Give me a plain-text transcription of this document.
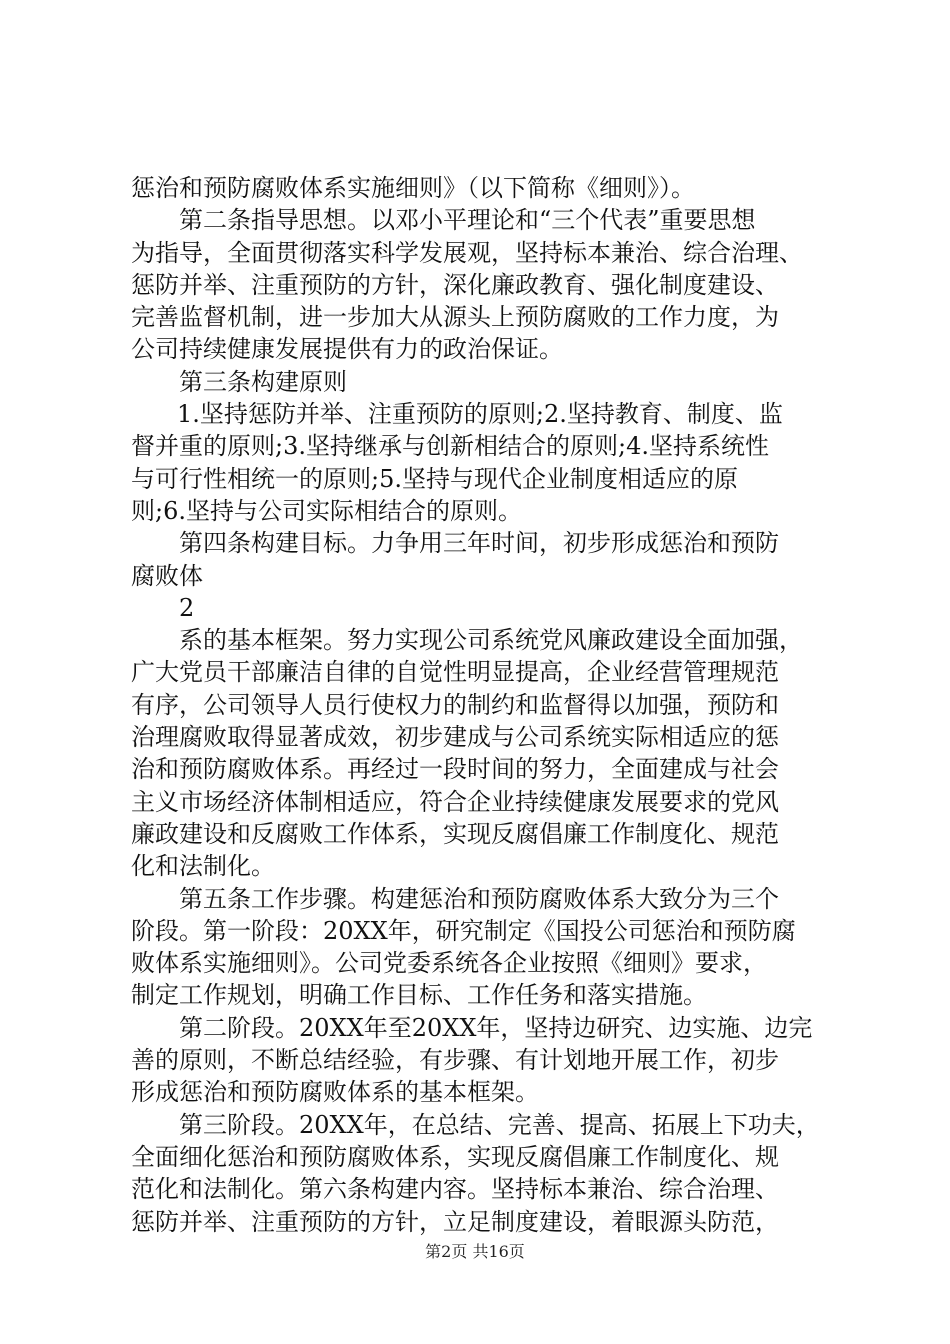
惩治和预防腐败体系实施细则》（以下简称《细则》）。
第二条指导思想。以邓小平理论和“三个代表”重要思想
为指导，全面贯彻落实科学发展观，坚持标本兼治、综合治理、
惩防并举、注重预防的方针，深化廉政教育、强化制度建设、
完善监督机制，进一步加大从源头上预防腐败的工作力度，为
公司持续健康发展提供有力的政治保证。
第三条构建原则
1.坚持惩防并举、注重预防的原则;2.坚持教育、制度、监
督并重的原则;3.坚持继承与创新相结合的原则;4.坚持系统性
与可行性相统一的原则;5.坚持与现代企业制度相适应的原
则;6.坚持与公司实际相结合的原则。
第四条构建目标。力争用三年时间，初步形成惩治和预防
腐败体
2
系的基本框架。努力实现公司系统党风廉政建设全面加强，
广大党员干部廉洁自律的自觉性明显提高，企业经营管理规范
有序，公司领导人员行使权力的制约和监督得以加强，预防和
治理腐败取得显著成效，初步建成与公司系统实际相适应的惩
治和预防腐败体系。再经过一段时间的努力，全面建成与社会
主义市场经济体制相适应，符合企业持续健康发展要求的党风
廉政建设和反腐败工作体系，实现反腐倡廉工作制度化、规范
化和法制化。
第五条工作步骤。构建惩治和预防腐败体系大致分为三个
阶段。第一阶段：20XX年，研究制定《国投公司惩治和预防腐
败体系实施细则》。公司党委系统各企业按照《细则》要求，
制定工作规划，明确工作目标、工作任务和落实措施。
第二阶段。20XX年至20XX年，坚持边研究、边实施、边完
善的原则，不断总结经验，有步骤、有计划地开展工作，初步
形成惩治和预防腐败体系的基本框架。
第三阶段。20XX年，在总结、完善、提高、拓展上下功夫，
全面细化惩治和预防腐败体系，实现反腐倡廉工作制度化、规
范化和法制化。第六条构建内容。坚持标本兼治、综合治理、
惩防并举、注重预防的方针，立足制度建设，着眼源头防范，
第2页 共16页
